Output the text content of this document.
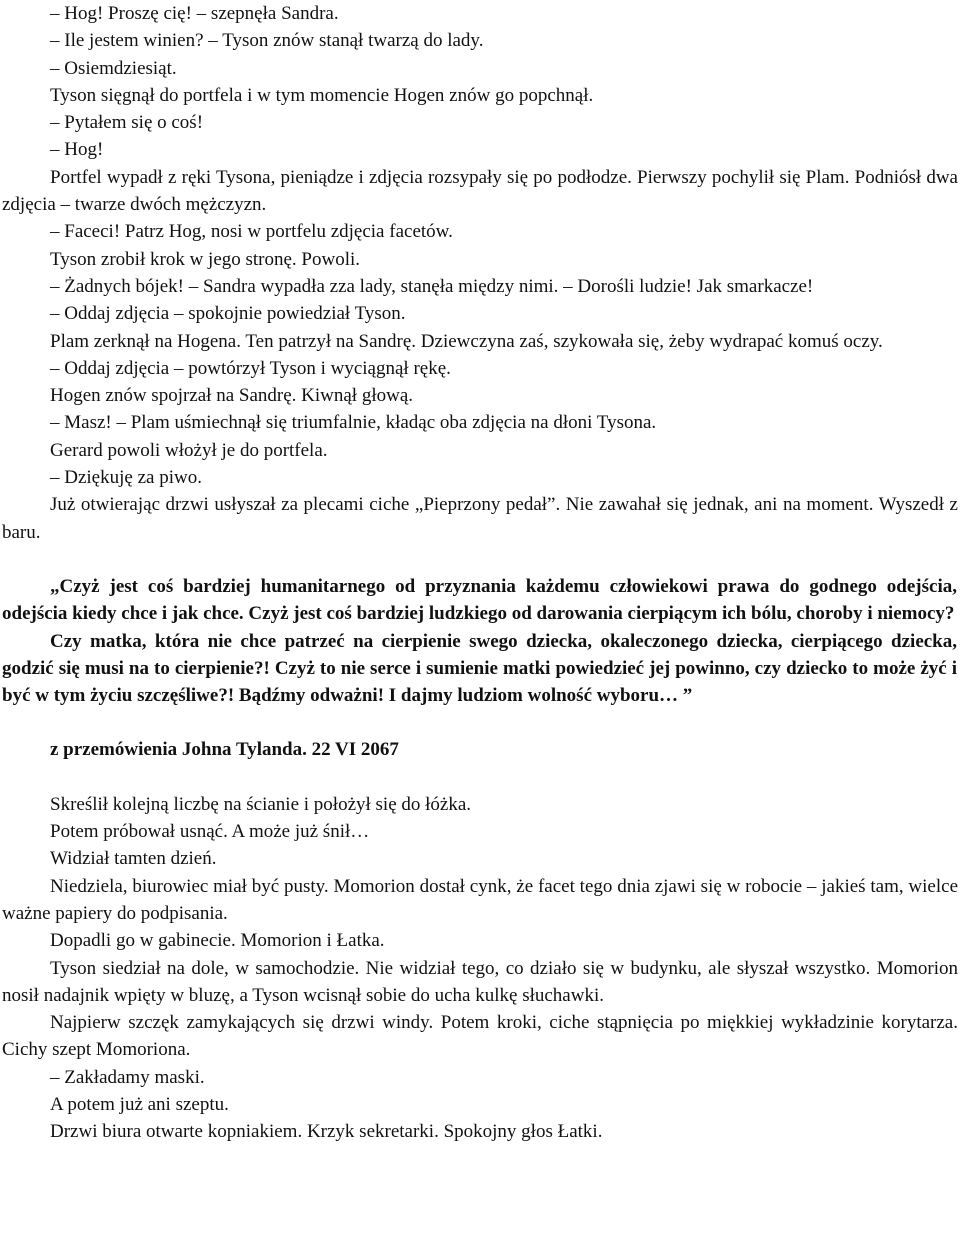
– Hog! Proszę cię! – szepnęła Sandra.

– Ile jestem winien? – Tyson znów stanął twarzą do lady.

– Osiemdziesiąt.

Tyson sięgnął do portfela i w tym momencie Hogen znów go popchnął.

– Pytałem się o coś!

– Hog!

Portfel wypadł z ręki Tysona, pieniądze i zdjęcia rozsypały się po podłodze. Pierwszy pochylił się Plam. Podniósł dwa zdjęcia – twarze dwóch mężczyzn.

– Faceci! Patrz Hog, nosi w portfelu zdjęcia facetów.

Tyson zrobił krok w jego stronę. Powoli.

– Żadnych bójek! – Sandra wypadła zza lady, stanęła między nimi. – Dorośli ludzie! Jak smarkacze!

– Oddaj zdjęcia – spokojnie powiedział Tyson.

Plam zerknął na Hogena. Ten patrzył na Sandrę. Dziewczyna zaś, szykowała się, żeby wydrapać komuś oczy.

– Oddaj zdjęcia – powtórzył Tyson i wyciągnął rękę.

Hogen znów spojrzał na Sandrę. Kiwnął głową.

– Masz! – Plam uśmiechnął się triumfalnie, kładąc oba zdjęcia na dłoni Tysona.

Gerard powoli włożył je do portfela.

– Dziękuję za piwo.

Już otwierając drzwi usłyszał za plecami ciche „Pieprzony pedał”. Nie zawahał się jednak, ani na moment. Wyszedł z baru.

„Czyż jest coś bardziej humanitarnego od przyznania każdemu człowiekowi prawa do godnego odejścia, odejścia kiedy chce i jak chce. Czyż jest coś bardziej ludzkiego od darowania cierpiącym ich bólu, choroby i niemocy?

Czy matka, która nie chce patrzeć na cierpienie swego dziecka, okaleczonego dziecka, cierpiącego dziecka, godzić się musi na to cierpienie?! Czyż to nie serce i sumienie matki powiedzieć jej powinno, czy dziecko to może żyć i być w tym życiu szczęśliwe?! Bądźmy odważni! I dajmy ludziom wolność wyboru… ”

z przemówienia Johna Tylanda. 22 VI 2067

Skreślił kolejną liczbę na ścianie i położył się do łóżka.

Potem próbował usnąć. A może już śnił…

Widział tamten dzień.

Niedziela, biurowiec miał być pusty. Momorion dostał cynk, że facet tego dnia zjawi się w robocie – jakieś tam, wielce ważne papiery do podpisania.

Dopadli go w gabinecie. Momorion i Łatka.

Tyson siedział na dole, w samochodzie. Nie widział tego, co działo się w budynku, ale słyszał wszystko. Momorion nosił nadajnik wpięty w bluzę, a Tyson wcisnął sobie do ucha kulkę słuchawki.

Najpierw szczęk zamykających się drzwi windy. Potem kroki, ciche stąpnięcia po miękkiej wykładzinie korytarza. Cichy szept Momoriona.

– Zakładamy maski.

A potem już ani szeptu.

Drzwi biura otwarte kopniakiem. Krzyk sekretarki. Spokojny głos Łatki.
